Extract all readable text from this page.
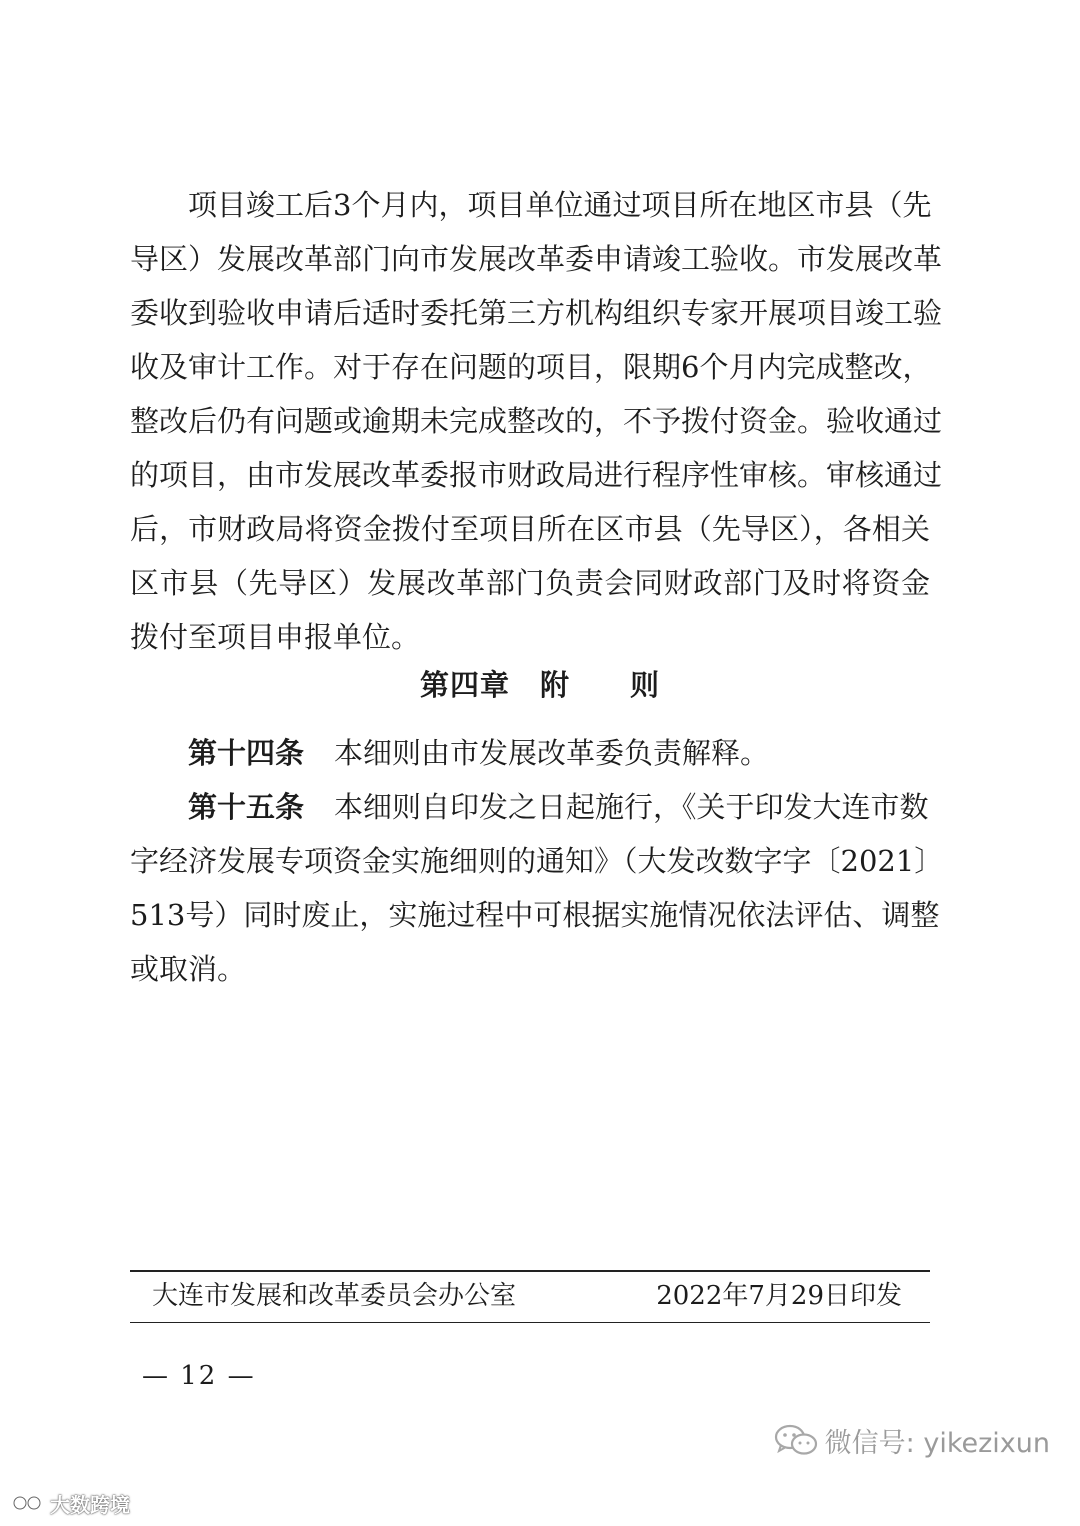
项目竣工后3个月内，项目单位通过项目所在地区市县（先
导区）发展改革部门向市发展改革委申请竣工验收。市发展改革
委收到验收申请后适时委托第三方机构组织专家开展项目竣工验
收及审计工作。对于存在问题的项目，限期6个月内完成整改，
整改后仍有问题或逾期未完成整改的，不予拨付资金。验收通过
的项目，由市发展改革委报市财政局进行程序性审核。审核通过
后，市财政局将资金拨付至项目所在区市县（先导区），各相关
区市县（先导区）发展改革部门负责会同财政部门及时将资金
拨付至项目申报单位。
第四章　附　　则
第十四条 本细则由市发展改革委负责解释。
第十五条 本细则自印发之日起施行，《关于印发大连市数
字经济发展专项资金实施细则的通知》（大发改数字字〔2021〕
513号）同时废止，实施过程中可根据实施情况依法评估、调整
或取消。
大连市发展和改革委员会办公室	2022年7月29日印发
— 12 —
微信号: yikezixun
大数跨境
